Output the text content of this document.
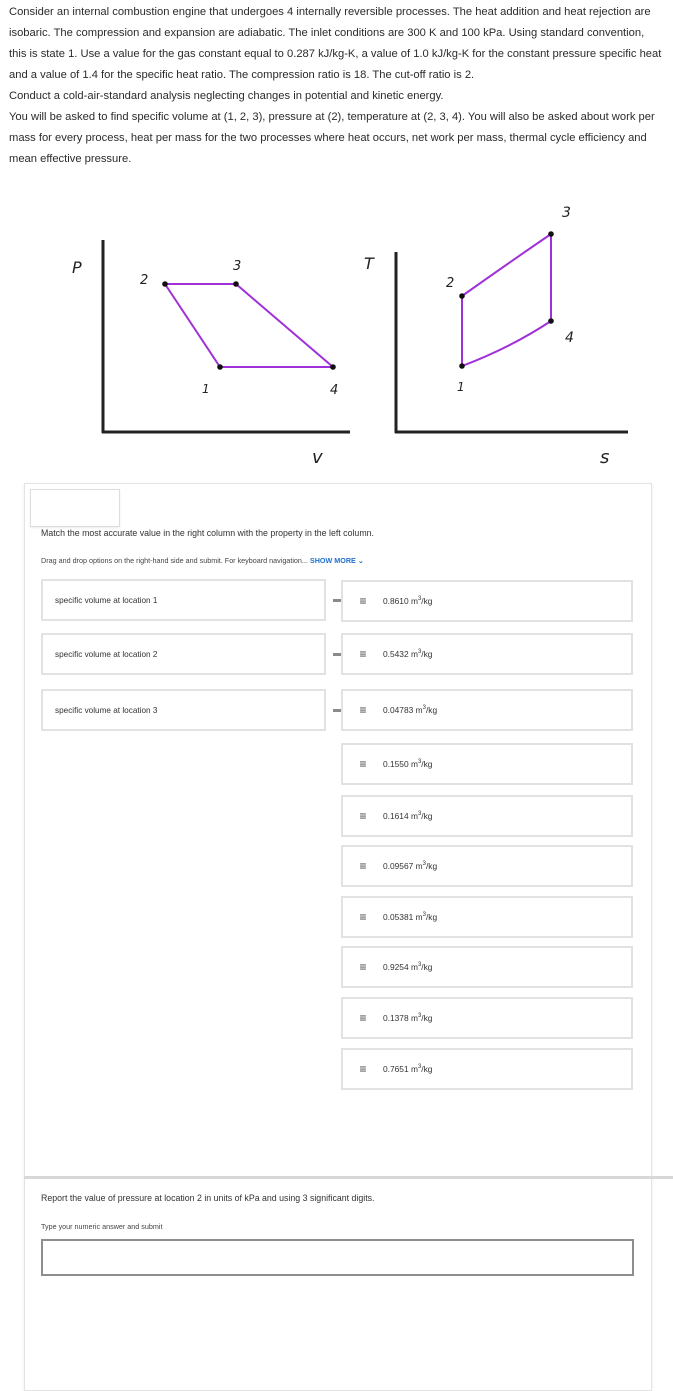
Consider an internal combustion engine that undergoes 4 internally reversible processes. The heat addition and heat rejection are isobaric. The compression and expansion are adiabatic. The inlet conditions are 300 K and 100 kPa. Using standard convention, this is state 1. Use a value for the gas constant equal to 0.287 kJ/kg-K, a value of 1.0 kJ/kg-K for the constant pressure specific heat and a value of 1.4 for the specific heat ratio. The compression ratio is 18. The cut-off ratio is 2.

Conduct a cold-air-standard analysis neglecting changes in potential and kinetic energy.

You will be asked to find specific volume at (1, 2, 3), pressure at (2), temperature at (2, 3, 4). You will also be asked about work per mass for every process, heat per mass for the two processes where heat occurs, net work per mass, thermal cycle efficiency and mean effective pressure.

P
v
2
3
4
1
T
s
1
2
3
4
Match the most accurate value in the right column with the property in the left column.
Drag and drop options on the right-hand side and submit. For keyboard navigation... SHOW MORE ⌄
specific volume at location 1
specific volume at location 2
specific volume at location 3
≡	0.8610 $m^3/kg$
≡	0.5432 $m^3/kg$
≡	0.04783 $m^3/kg$
≡	0.1550 $m^3/kg$
≡	0.1614 $m^3/kg$
≡	0.09567 $m^3/kg$
≡	0.05381 $m^3/kg$
≡	0.9254 $m^3/kg$
≡	0.1378 $m^3/kg$
≡	0.7651 $m^3/kg$
Report the value of pressure at location 2 in units of kPa and using 3 significant digits.
Type your numeric answer and submit
